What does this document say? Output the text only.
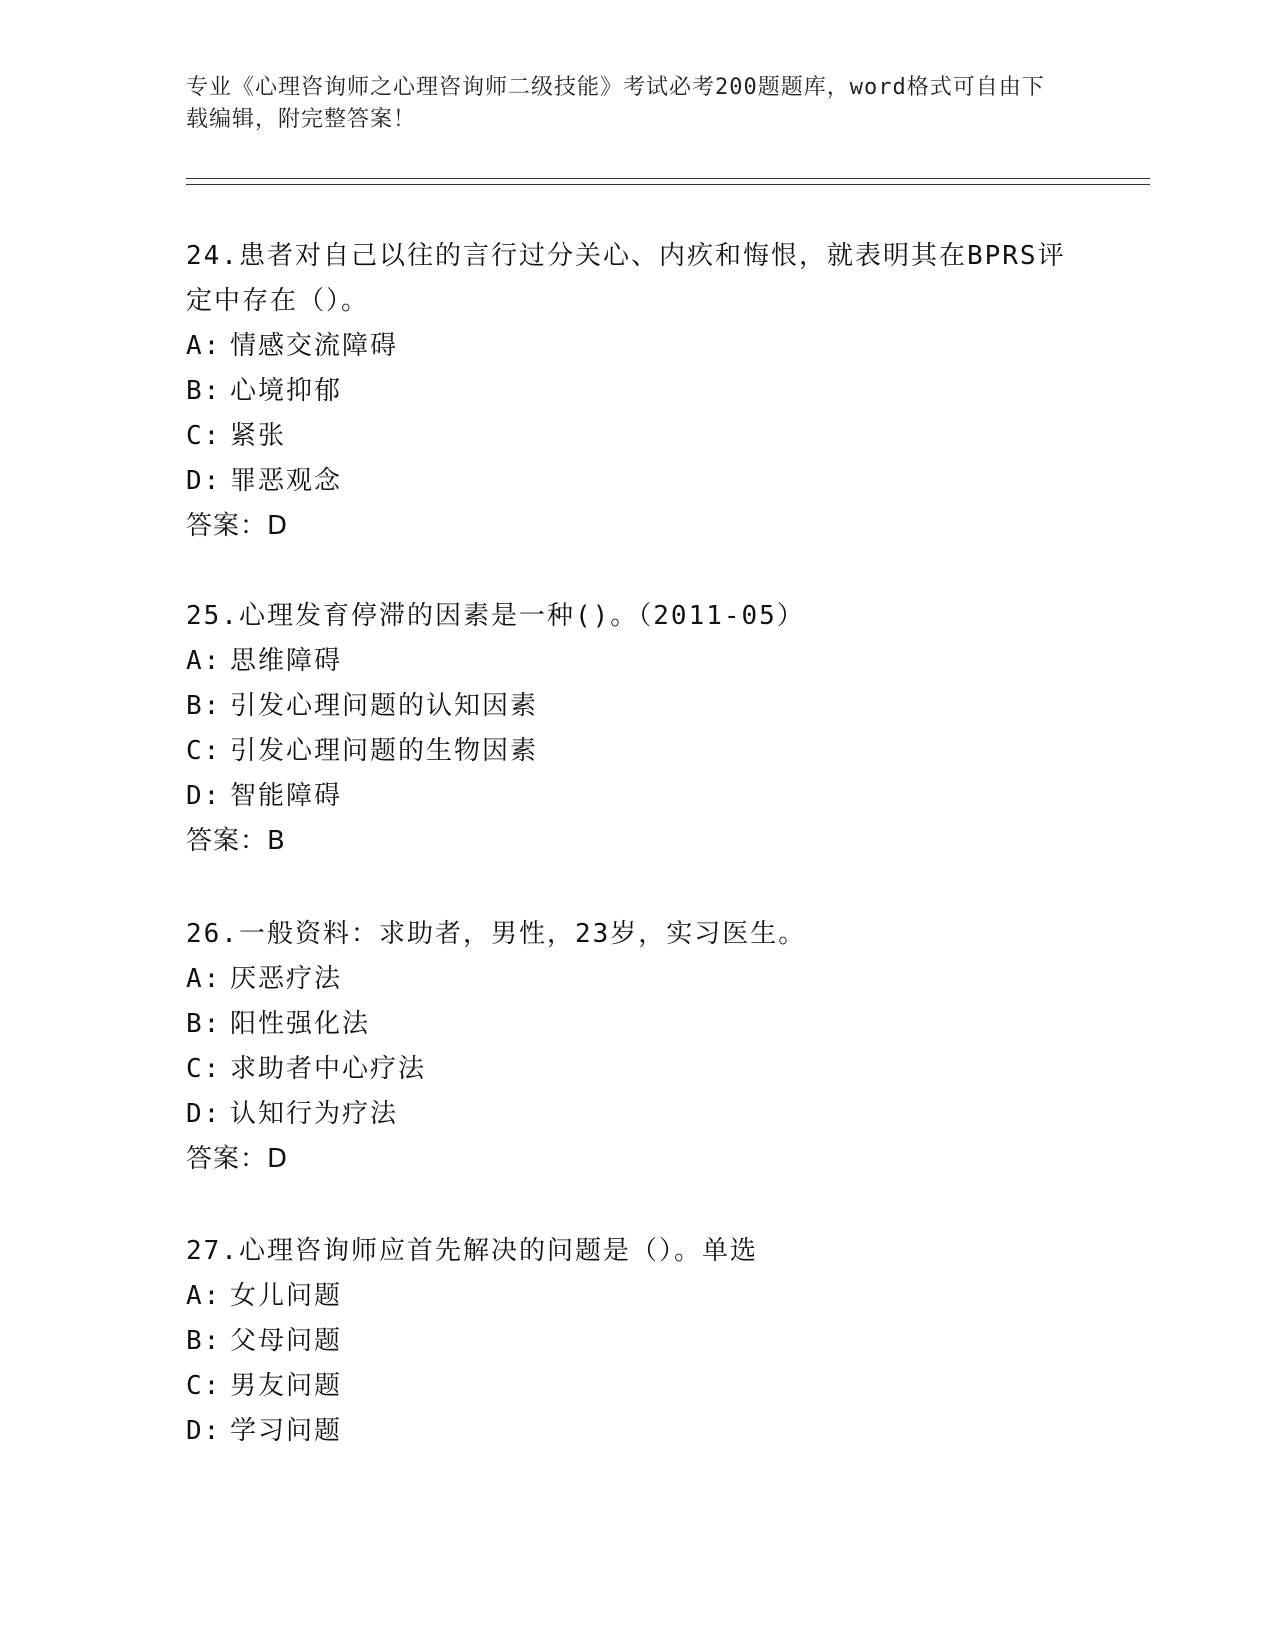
专业《心理咨询师之心理咨询师二级技能》考试必考200题题库，word格式可自由下载编辑，附完整答案！

24.患者对自己以往的言行过分关心、内疚和悔恨，就表明其在BPRS评定中存在（）。

A: 情感交流障碍

B: 心境抑郁

C: 紧张

D: 罪恶观念

答案：D

25.心理发育停滞的因素是一种()。（2011-05）

A: 思维障碍

B: 引发心理问题的认知因素

C: 引发心理问题的生物因素

D: 智能障碍

答案：B

26.一般资料：求助者，男性，23岁，实习医生。

A: 厌恶疗法

B: 阳性强化法

C: 求助者中心疗法

D: 认知行为疗法

答案：D

27.心理咨询师应首先解决的问题是（）。单选

A: 女儿问题

B: 父母问题

C: 男友问题

D: 学习问题
